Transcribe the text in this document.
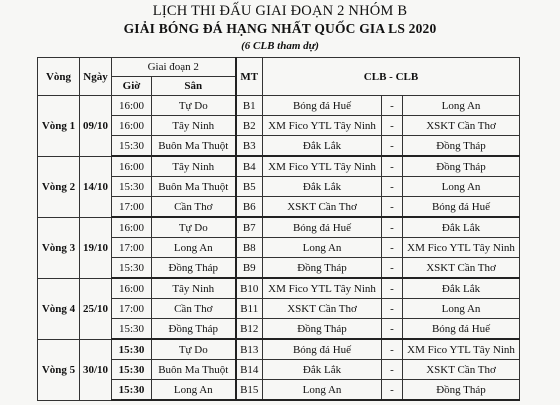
LỊCH THI ĐẤU GIAI ĐOẠN 2 NHÓM B
GIẢI BÓNG ĐÁ HẠNG NHẤT QUỐC GIA LS 2020
(6 CLB tham dự)
Vòng	Ngày	Giai đoạn 2		MT	CLB - CLB		
		Giờ	Sân				
Vòng 1	09/10	16:00	Tự Do	B1	Bóng đá Huế	-	Long An
		16:00	Tây Ninh	B2	XM Fico YTL Tây Ninh	-	XSKT Cần Thơ
		15:30	Buôn Ma Thuột	B3	Đắk Lắk	-	Đồng Tháp
Vòng 2	14/10	16:00	Tây Ninh	B4	XM Fico YTL Tây Ninh	-	Đồng Tháp
		15:30	Buôn Ma Thuột	B5	Đắk Lắk	-	Long An
		17:00	Cần Thơ	B6	XSKT Cần Thơ	-	Bóng đá Huế
Vòng 3	19/10	16:00	Tự Do	B7	Bóng đá Huế	-	Đắk Lắk
		17:00	Long An	B8	Long An	-	XM Fico YTL Tây Ninh
		15:30	Đồng Tháp	B9	Đồng Tháp	-	XSKT Cần Thơ
Vòng 4	25/10	16:00	Tây Ninh	B10	XM Fico YTL Tây Ninh	-	Đắk Lắk
		17:00	Cần Thơ	B11	XSKT Cần Thơ	-	Long An
		15:30	Đồng Tháp	B12	Đồng Tháp	-	Bóng đá Huế
Vòng 5	30/10	15:30	Tự Do	B13	Bóng đá Huế	-	XM Fico YTL Tây Ninh
		15:30	Buôn Ma Thuột	B14	Đắk Lắk	-	XSKT Cần Thơ
		15:30	Long An	B15	Long An	-	Đồng Tháp
